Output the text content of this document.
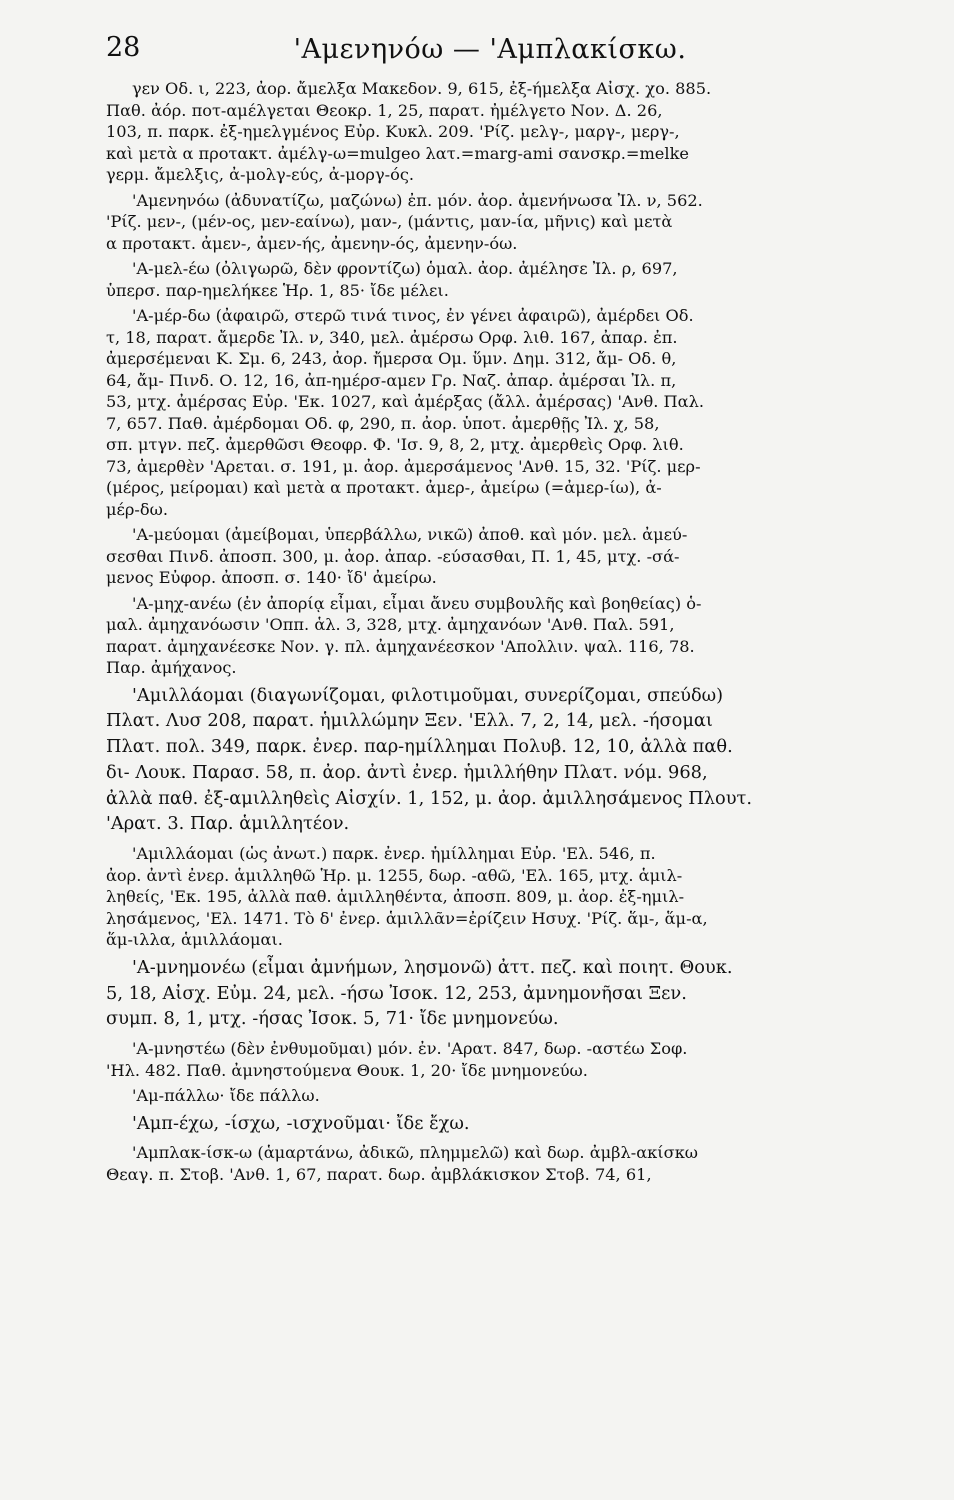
28	'Αμενηνόω — 'Αμπλακίσκω.
γεν Οδ. ι, 223, ἀορ. ἄμελξα Μακεδον. 9, 615, ἐξ-ήμελξα Αἰσχ. χο. 885.
Παθ. ἀόρ. ποτ-αμέλγεται Θεοκρ. 1, 25, παρατ. ἠμέλγετο Νον. Δ. 26,
103, π. παρκ. ἐξ-ημελγμένος Εὐρ. Κυκλ. 209. 'Ρίζ. μελγ-, μαργ-, μεργ-,
καὶ μετὰ α προτακτ. ἀμέλγ-ω=mulgeo λατ.=marg-ami σανσκρ.=melke
γερμ. ἄμελξις, ἀ-μολγ-εύς, ἀ-μοργ-ός.
'Αμενηνόω (ἀδυνατίζω, μαζώνω) ἐπ. μόν. ἀορ. ἀμενήνωσα Ἰλ. ν, 562.
'Ρίζ. μεν-, (μέν-ος, μεν-εαίνω), μαν-, (μάντις, μαν-ία, μῆνις) καὶ μετὰ
α προτακτ. ἀμεν-, ἀμεν-ής, ἀμενην-ός, ἀμενην-όω.
'Α-μελ-έω (ὀλιγωρῶ, δὲν φροντίζω) ὁμαλ. ἀορ. ἀμέλησε Ἰλ. ρ, 697,
ὑπερσ. παρ-ημελήκεε Ἡρ. 1, 85· ἴδε μέλει.
'Α-μέρ-δω (ἀφαιρῶ, στερῶ τινά τινος, ἐν γένει ἀφαιρῶ), ἀμέρδει Οδ.
τ, 18, παρατ. ἄμερδε Ἰλ. ν, 340, μελ. ἀμέρσω Ορφ. λιθ. 167, ἀπαρ. ἐπ.
ἀμερσέμεναι Κ. Σμ. 6, 243, ἀορ. ἤμερσα Ομ. ὕμν. Δημ. 312, ἄμ- Οδ. θ,
64, ἄμ- Πινδ. Ο. 12, 16, ἀπ-ημέρσ-αμεν Γρ. Ναζ. ἀπαρ. ἀμέρσαι Ἰλ. π,
53, μτχ. ἀμέρσας Εὐρ. 'Εκ. 1027, καὶ ἀμέρξας (ἄλλ. ἀμέρσας) 'Ανθ. Παλ.
7, 657. Παθ. ἀμέρδομαι Οδ. φ, 290, π. ἀορ. ὑποτ. ἀμερθῇς Ἰλ. χ, 58,
σπ. μτγν. πεζ. ἀμερθῶσι Θεοφρ. Φ. 'Ισ. 9, 8, 2, μτχ. ἀμερθεὶς Ορφ. λιθ.
73, ἀμερθὲν 'Αρεται. σ. 191, μ. ἀορ. ἀμερσάμενος 'Ανθ. 15, 32. 'Ρίζ. μερ-
(μέρος, μείρομαι) καὶ μετὰ α προτακτ. ἀμερ-, ἀμείρω (=ἀμερ-ίω), ἀ-
μέρ-δω.
'Α-μεύομαι (ἀμείβομαι, ὑπερβάλλω, νικῶ) ἀποθ. καὶ μόν. μελ. ἀμεύ-
σεσθαι Πινδ. ἀποσπ. 300, μ. ἀορ. ἀπαρ. -εύσασθαι, Π. 1, 45, μτχ. -σά-
μενος Εὐφορ. ἀποσπ. σ. 140· ἴδ' ἀμείρω.
'Α-μηχ-ανέω (ἐν ἀπορίᾳ εἶμαι, εἶμαι ἄνευ συμβουλῆς καὶ βοηθείας) ὁ-
μαλ. ἀμηχανόωσιν 'Οππ. ἁλ. 3, 328, μτχ. ἀμηχανόων 'Ανθ. Παλ. 591,
παρατ. ἀμηχανέεσκε Νον. γ. πλ. ἀμηχανέεσκον 'Απολλιν. ψαλ. 116, 78.
Παρ. ἀμήχανος.
'Αμιλλάομαι (διαγωνίζομαι, φιλοτιμοῦμαι, συνερίζομαι, σπεύδω)
Πλατ. Λυσ 208, παρατ. ἡμιλλώμην Ξεν. 'Ελλ. 7, 2, 14, μελ. -ήσομαι
Πλατ. πολ. 349, παρκ. ἐνερ. παρ-ημίλλημαι Πολυβ. 12, 10, ἀλλὰ παθ.
δι- Λουκ. Παρασ. 58, π. ἀορ. ἀντὶ ἐνερ. ἡμιλλήθην Πλατ. νόμ. 968,
ἀλλὰ παθ. ἐξ-αμιλληθεὶς Αἰσχίν. 1, 152, μ. ἀορ. ἀμιλλησάμενος Πλουτ.
'Αρατ. 3. Παρ. ἁμιλλητέον.
'Αμιλλάομαι (ὡς ἀνωτ.) παρκ. ἐνερ. ἡμίλλημαι Εὐρ. 'Ελ. 546, π.
ἀορ. ἀντὶ ἐνερ. ἁμιλληθῶ Ἡρ. μ. 1255, δωρ. -αθῶ, 'Ελ. 165, μτχ. ἁμιλ-
ληθείς, 'Εκ. 195, ἀλλὰ παθ. ἁμιλληθέντα, ἀποσπ. 809, μ. ἀορ. ἐξ-ημιλ-
λησάμενος, 'Ελ. 1471. Τὸ δ' ἐνερ. ἁμιλλᾶν=ἐρίζειν Ησυχ. 'Ρίζ. ἅμ-, ἅμ-α,
ἅμ-ιλλα, ἁμιλλάομαι.
'Α-μνημονέω (εἶμαι ἀμνήμων, λησμονῶ) ἀττ. πεζ. καὶ ποιητ. Θουκ.
5, 18, Αἰσχ. Εὐμ. 24, μελ. -ήσω Ἰσοκ. 12, 253, ἀμνημονῆσαι Ξεν.
συμπ. 8, 1, μτχ. -ήσας Ἰσοκ. 5, 71· ἴδε μνημονεύω.
'Α-μνηστέω (δὲν ἐνθυμοῦμαι) μόν. ἐν. 'Αρατ. 847, δωρ. -αστέω Σοφ.
'Ηλ. 482. Παθ. ἀμνηστούμενα Θουκ. 1, 20· ἴδε μνημονεύω.
'Αμ-πάλλω· ἴδε πάλλω.
'Αμπ-έχω, -ίσχω, -ισχνοῦμαι· ἴδε ἔχω.
'Αμπλακ-ίσκ-ω (ἁμαρτάνω, ἀδικῶ, πλημμελῶ) καὶ δωρ. ἀμβλ-ακίσκω
Θεαγ. π. Στοβ. 'Ανθ. 1, 67, παρατ. δωρ. ἀμβλάκισκον Στοβ. 74, 61,
